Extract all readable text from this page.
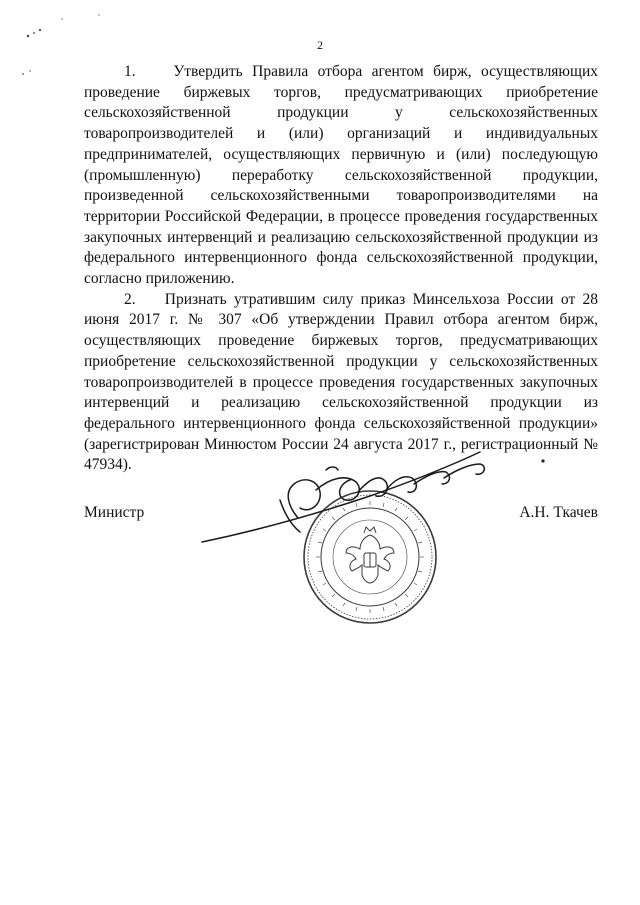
2

1.    Утвердить Правила отбора агентом бирж, осуществляющих проведение биржевых торгов, предусматривающих приобретение сельскохозяйственной продукции у сельскохозяйственных товаропроизводителей и (или) организаций и индивидуальных предпринимателей, осуществляющих первичную и (или) последующую (промышленную) переработку сельскохозяйственной продукции, произведенной сельскохозяйственными товаропроизводителями на территории Российской Федерации, в процессе проведения государственных закупочных интервенций и реализацию сельскохозяйственной продукции из федерального интервенционного фонда сельскохозяйственной продукции, согласно приложению.

2.    Признать утратившим силу приказ Минсельхоза России от 28 июня 2017 г. № 307 «Об утверждении Правил отбора агентом бирж, осуществляющих проведение биржевых торгов, предусматривающих приобретение сельскохозяйственной продукции у сельскохозяйственных товаропроизводителей в процессе проведения государственных закупочных интервенций и реализацию сельскохозяйственной продукции из федерального интервенционного фонда сельскохозяйственной продукции» (зарегистрирован Минюстом России 24 августа 2017 г., регистрационный № 47934).

Министр	А.Н. Ткачев
